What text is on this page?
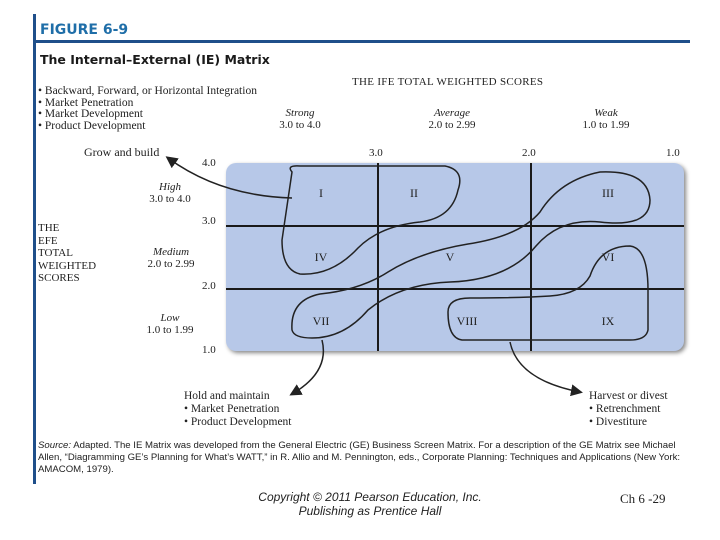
FIGURE 6-9
The Internal–External (IE) Matrix
• Backward, Forward, or Horizontal Integration
• Market Penetration
• Market Development
• Product Development
Grow and build
THE IFE TOTAL WEIGHTED SCORES
Strong
3.0 to 4.0
Average
2.0 to 2.99
Weak
1.0 to 1.99
3.0	2.0	1.0
THE
EFE
TOTAL
WEIGHTED
SCORES
High
3.0 to 4.0
Medium
2.0 to 2.99
Low
1.0 to 1.99
4.0
3.0
2.0
1.0
I	II	III
IV	V	VI
VII	VIII	IX
Hold and maintain
• Market Penetration
• Product Development
Harvest or divest
• Retrenchment
• Divestiture
Source: Adapted. The IE Matrix was developed from the General Electric (GE) Business Screen Matrix. For a description of the GE Matrix see Michael Allen, “Diagramming GE’s Planning for What’s WATT,” in R. Allio and M. Pennington, eds., Corporate Planning: Techniques and Applications (New York: AMACOM, 1979).
Copyright © 2011 Pearson Education, Inc.
Publishing as Prentice Hall
Ch 6 -29
